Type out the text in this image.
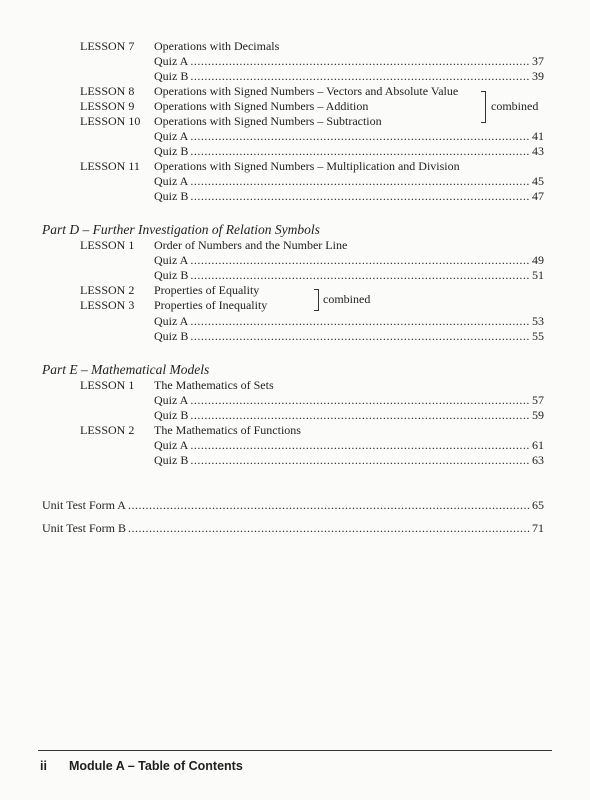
LESSON 7 Operations with Decimals
Quiz A .....	37
Quiz B .....	39
LESSON 8 Operations with Signed Numbers – Vectors and Absolute Value
LESSON 9 Operations with Signed Numbers – Addition
LESSON 10 Operations with Signed Numbers – Subtraction
combined
Quiz A .....	41
Quiz B .....	43
LESSON 11 Operations with Signed Numbers – Multiplication and Division
Quiz A .....	45
Quiz B .....	47
Part D – Further Investigation of Relation Symbols
LESSON 1 Order of Numbers and the Number Line
Quiz A .....	49
Quiz B .....	51
LESSON 2 Properties of Equality
LESSON 3 Properties of Inequality	combined
Quiz A .....	53
Quiz B .....	55
Part E – Mathematical Models
LESSON 1 The Mathematics of Sets
Quiz A .....	57
Quiz B .....	59
LESSON 2 The Mathematics of Functions
Quiz A .....	61
Quiz B .....	63
Unit Test Form A .....	65
Unit Test Form B .....	71
ii Module A – Table of Contents
